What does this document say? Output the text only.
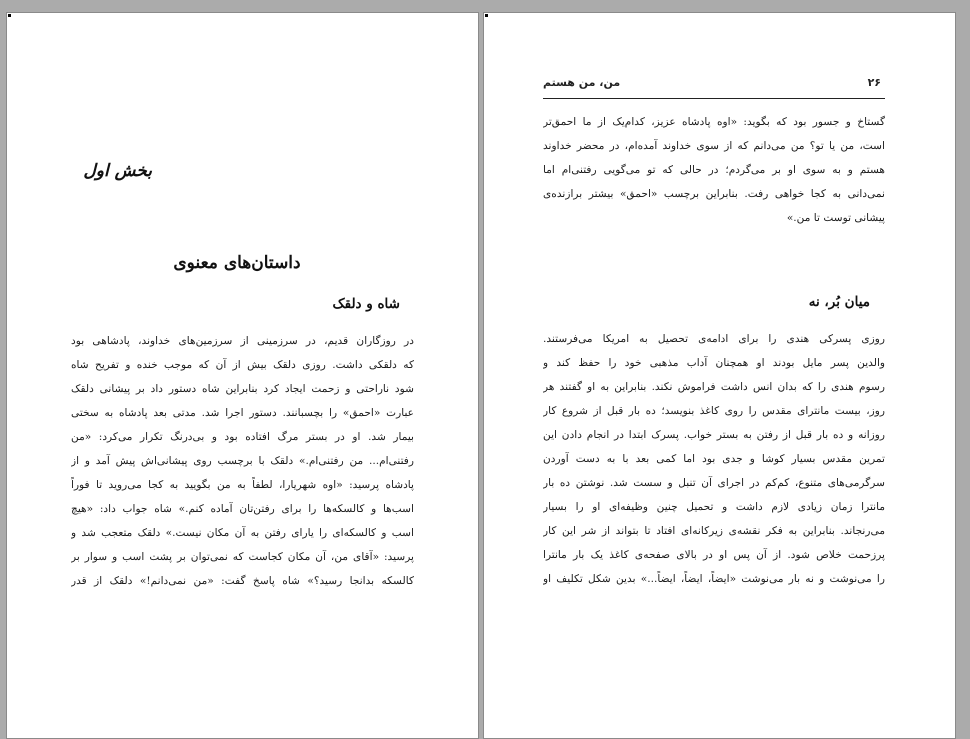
بخش اول
داستان‌های معنوی
شاه و دلقک
در روزگاران قدیم، در سرزمینی از سرزمین‌های خداوند، پادشاهی بود
که دلقکی داشت. روزی دلقک بیش از آن که موجب خنده و تفریح شاه
شود ناراحتی و زحمت ایجاد کرد بنابراین شاه دستور داد بر پیشانی دلقک
عبارت «احمق» را بچسبانند. دستور اجرا شد. مدتی بعد پادشاه به سختی
بیمار شد. او در بستر مرگ افتاده بود و بی‌درنگ تکرار می‌کرد: «من
رفتنی‌ام... من رفتنی‌ام.» دلقک با برچسب روی پیشانی‌اش پیش آمد و از
پادشاه پرسید: «اوه شهریارا، لطفاً به من بگویید به کجا می‌روید تا فوراً
اسب‌ها و کالسکه‌ها را برای رفتن‌تان آماده کنم.» شاه جواب داد: «هیچ
اسب و کالسکه‌ای را یارای رفتن به آن مکان نیست.» دلقک متعجب شد و
پرسید: «آقای من، آن مکان کجاست که نمی‌توان بر پشت اسب و سوار بر
کالسکه بدانجا رسید؟» شاه پاسخ گفت: «من نمی‌دانم!» دلقک از قدر
۲۶
من، من هستم
گستاخ و جسور بود که بگوید: «اوه پادشاه عزیز، کدام‌یک از ما احمق‌تر
است، من یا تو؟ من می‌دانم که از سوی خداوند آمده‌ام، در محضر خداوند
هستم و به سوی او بر می‌گردم؛ در حالی که تو می‌گویی رفتنی‌ام اما
نمی‌دانی به کجا خواهی رفت. بنابراین برچسب «احمق» بیشتر برازنده‌ی
پیشانی توست تا من.»
میان بُر، نه
روزی پسرکی هندی را برای ادامه‌ی تحصیل به امریکا می‌فرستند.
والدین پسر مایل بودند او همچنان آداب مذهبی خود را حفظ کند و
رسوم هندی را که بدان انس داشت فراموش نکند. بنابراین به او گفتند هر
روز، بیست مانترای مقدس را روی کاغذ بنویسد؛ ده بار قبل از شروع کار
روزانه و ده بار قبل از رفتن به بستر خواب. پسرک ابتدا در انجام دادن این
تمرین مقدس بسیار کوشا و جدی بود اما کمی بعد با به دست آوردن
سرگرمی‌های متنوع، کم‌کم در اجرای آن تنبل و سست شد. نوشتن ده بار
مانترا زمان زیادی لازم داشت و تحمیل چنین وظیفه‌ای او را بسیار
می‌رنجاند. بنابراین به فکر نقشه‌ی زیرکانه‌ای افتاد تا بتواند از شر این کار
پرزحمت خلاص شود. از آن پس او در بالای صفحه‌ی کاغذ یک بار مانترا
را می‌نوشت و نه بار می‌نوشت «ایضاً، ایضاً، ایضاً...» بدین شکل تکلیف او
